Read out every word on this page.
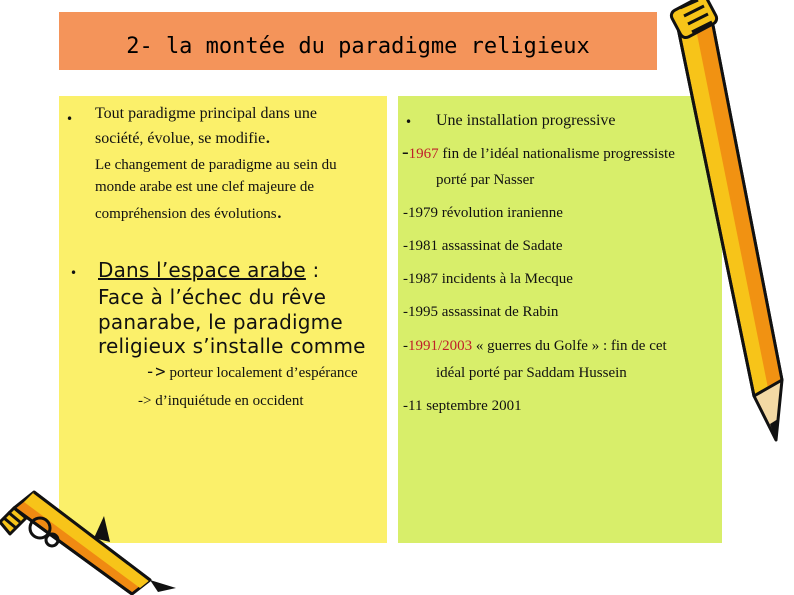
2- la montée du paradigme religieux
• Tout paradigme principal dans une
société, évolue, se modifie.
Le changement de paradigme au sein du
monde arabe est une clef majeure de
compréhension des évolutions.
• Dans l’espace arabe :
Face à l’échec du rêve
panarabe, le paradigme
religieux s’installe comme
-> porteur localement d’espérance
-> d’inquiétude en occident
• Une installation progressive
-1967 fin de l’idéal nationalisme progressiste
porté par Nasser
-1979 révolution iranienne
-1981 assassinat de Sadate
-1987 incidents à la Mecque
-1995 assassinat de Rabin
-1991/2003 « guerres du Golfe » : fin de cet
idéal porté par Saddam Hussein
-11 septembre 2001
